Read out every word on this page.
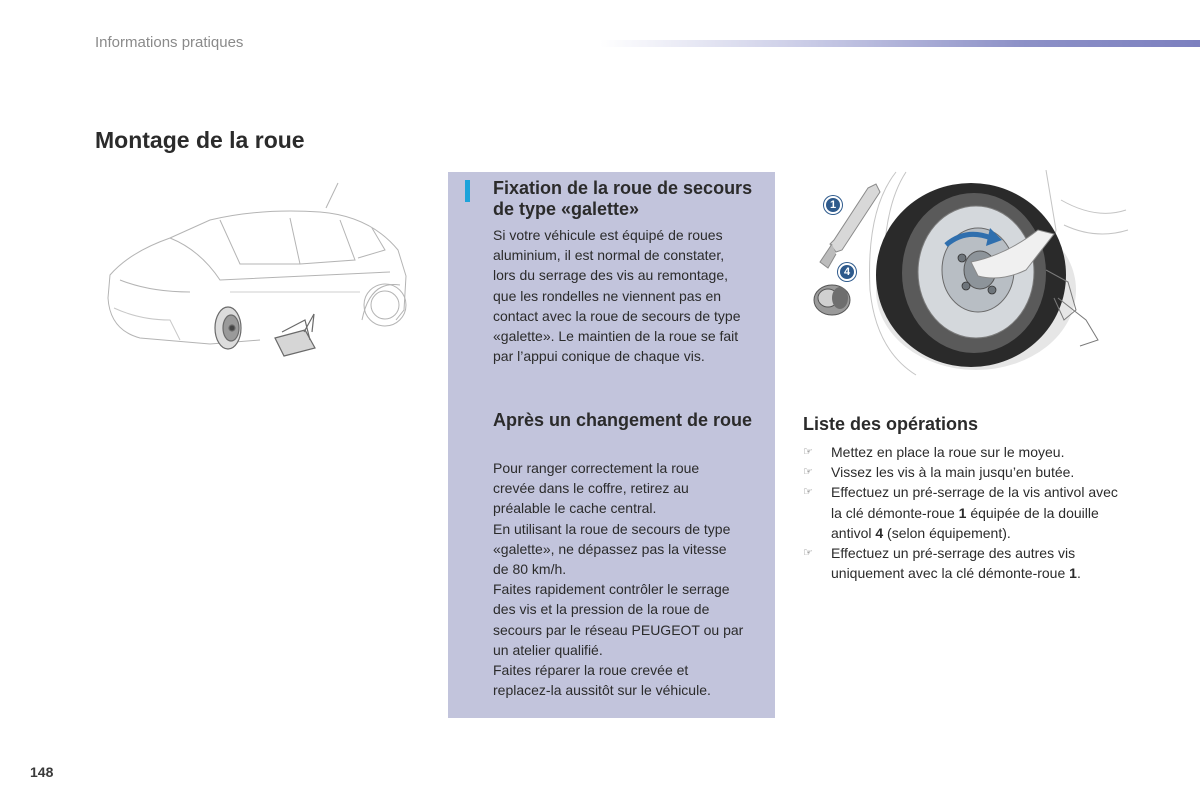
Informations pratiques
Montage de la roue
Fixation de la roue de secours de type «galette»

Si votre véhicule est équipé de roues

aluminium, il est normal de constater,

lors du serrage des vis au remontage,

que les rondelles ne viennent pas en

contact avec la roue de secours de type

«galette». Le maintien de la roue se fait

par l’appui conique de chaque vis.

Après un changement de roue

Pour ranger correctement la roue

crevée dans le coffre, retirez au

préalable le cache central.

En utilisant la roue de secours de type

«galette», ne dépassez pas la vitesse

de 80 km/h.

Faites rapidement contrôler le serrage

des vis et la pression de la roue de

secours par le réseau PEUGEOT ou par

un atelier qualifié.

Faites réparer la roue crevée et

replacez-la aussitôt sur le véhicule.

1
4
Liste des opérations
☞	Mettez en place la roue sur le moyeu.
☞	Vissez les vis à la main jusqu’en butée.
☞	Effectuez un pré-serrage de la vis antivol avec la clé démonte-roue 1 équipée de la douille antivol 4 (selon équipement).
☞	Effectuez un pré-serrage des autres vis uniquement avec la clé démonte-roue 1.
148
